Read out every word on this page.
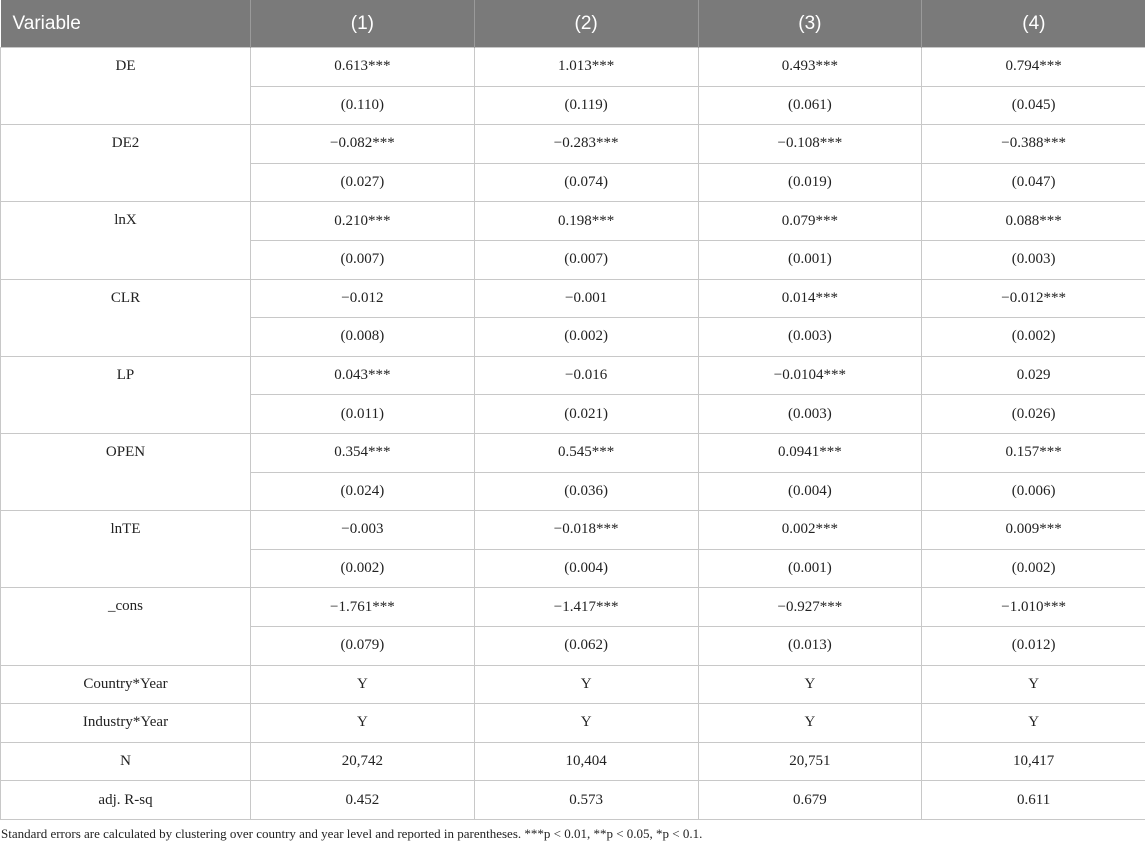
Variable	(1)	(2)	(3)	(4)
DE	0.613***	1.013***	0.493***	0.794***
	(0.110)	(0.119)	(0.061)	(0.045)
DE2	−0.082***	−0.283***	−0.108***	−0.388***
	(0.027)	(0.074)	(0.019)	(0.047)
lnX	0.210***	0.198***	0.079***	0.088***
	(0.007)	(0.007)	(0.001)	(0.003)
CLR	−0.012	−0.001	0.014***	−0.012***
	(0.008)	(0.002)	(0.003)	(0.002)
LP	0.043***	−0.016	−0.0104***	0.029
	(0.011)	(0.021)	(0.003)	(0.026)
OPEN	0.354***	0.545***	0.0941***	0.157***
	(0.024)	(0.036)	(0.004)	(0.006)
lnTE	−0.003	−0.018***	0.002***	0.009***
	(0.002)	(0.004)	(0.001)	(0.002)
_cons	−1.761***	−1.417***	−0.927***	−1.010***
	(0.079)	(0.062)	(0.013)	(0.012)
Country*Year	Y	Y	Y	Y
Industry*Year	Y	Y	Y	Y
N	20,742	10,404	20,751	10,417
adj. R-sq	0.452	0.573	0.679	0.611
Standard errors are calculated by clustering over country and year level and reported in parentheses. ***p < 0.01, **p < 0.05, *p < 0.1.
